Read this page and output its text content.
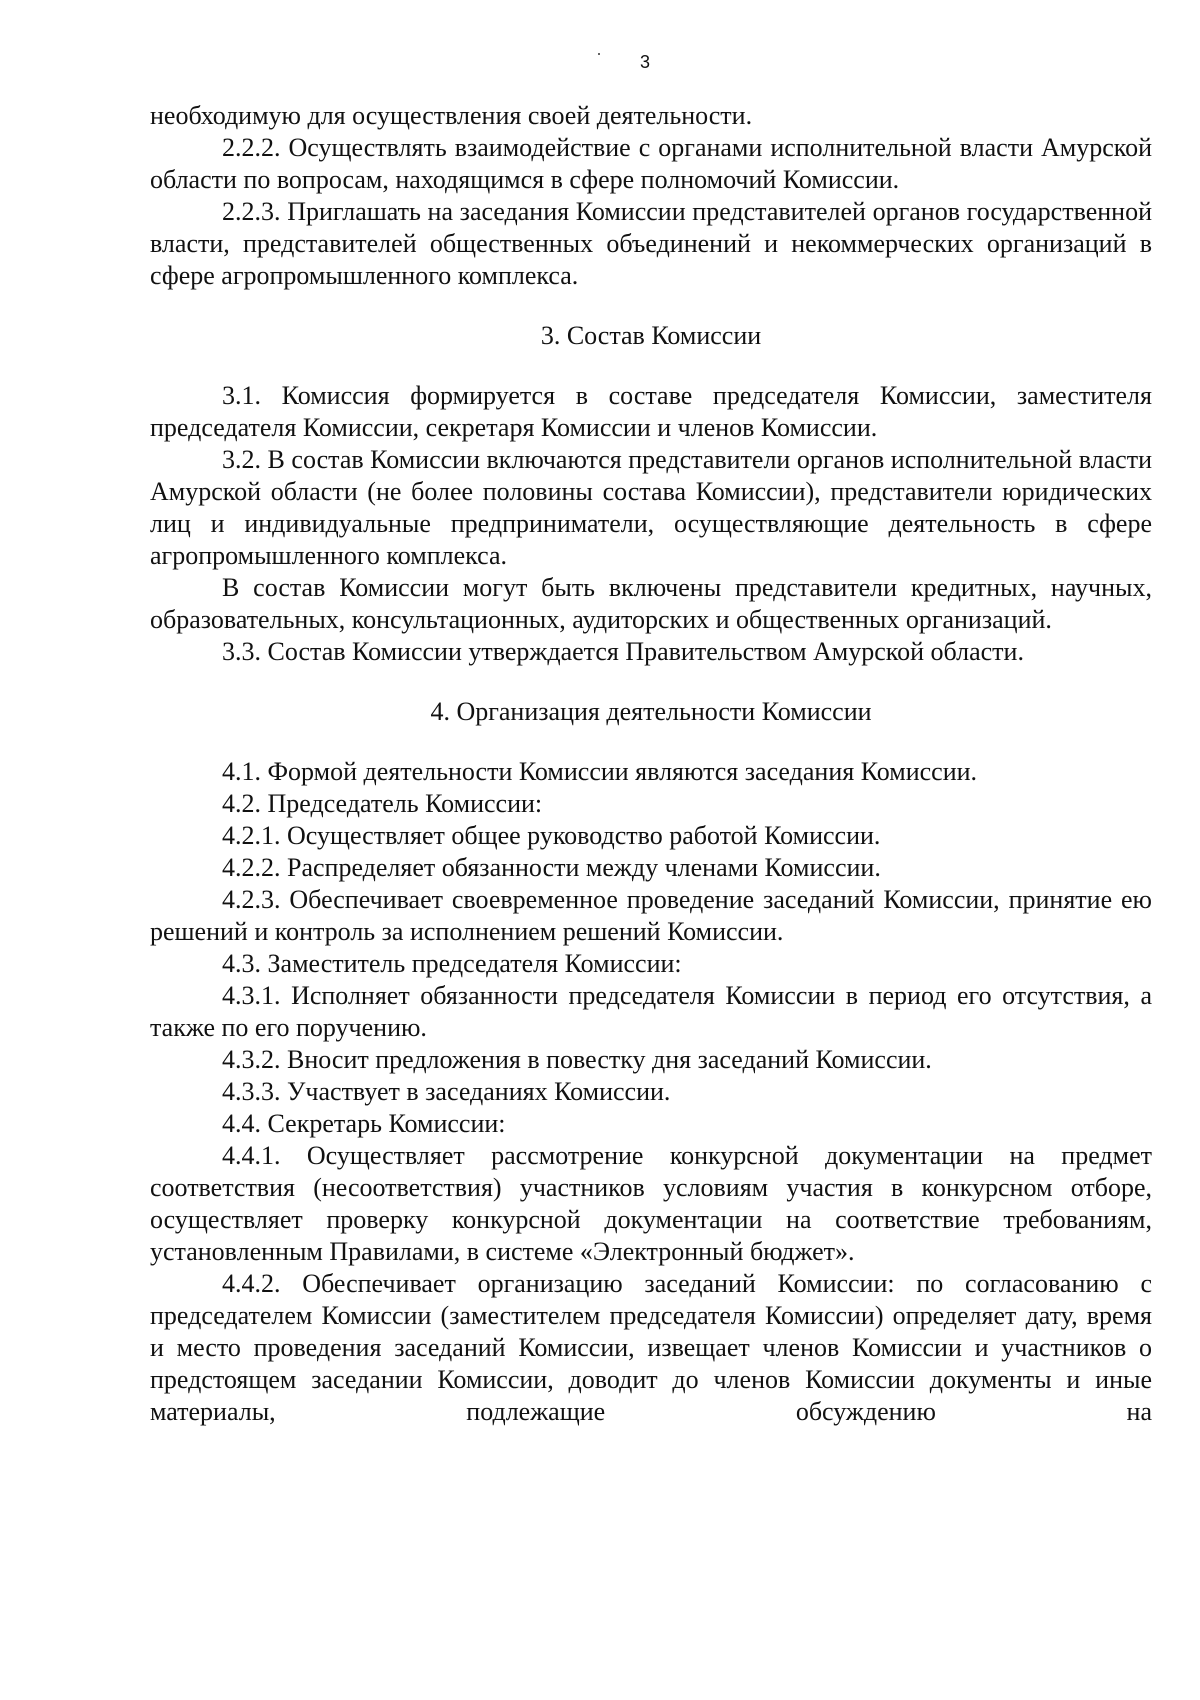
3

необходимую для осуществления своей деятельности.

2.2.2. Осуществлять взаимодействие с органами исполнительной власти Амурской области по вопросам, находящимся в сфере полномочий Комиссии.

2.2.3. Приглашать на заседания Комиссии представителей органов государственной власти, представителей общественных объединений и некоммерческих организаций в сфере агропромышленного комплекса.

3. Состав Комиссии

3.1. Комиссия формируется в составе председателя Комиссии, заместителя председателя Комиссии, секретаря Комиссии и членов Комиссии.

3.2. В состав Комиссии включаются представители органов исполнительной власти Амурской области (не более половины состава Комиссии), представители юридических лиц и индивидуальные предприниматели, осуществляющие деятельность в сфере агропромышленного комплекса.

В состав Комиссии могут быть включены представители кредитных, научных, образовательных, консультационных, аудиторских и общественных организаций.

3.3. Состав Комиссии утверждается Правительством Амурской области.

4. Организация деятельности Комиссии

4.1. Формой деятельности Комиссии являются заседания Комиссии.

4.2. Председатель Комиссии:

4.2.1. Осуществляет общее руководство работой Комиссии.

4.2.2. Распределяет обязанности между членами Комиссии.

4.2.3. Обеспечивает своевременное проведение заседаний Комиссии, принятие ею решений и контроль за исполнением решений Комиссии.

4.3. Заместитель председателя Комиссии:

4.3.1. Исполняет обязанности председателя Комиссии в период его отсутствия, а также по его поручению.

4.3.2. Вносит предложения в повестку дня заседаний Комиссии.

4.3.3. Участвует в заседаниях Комиссии.

4.4. Секретарь Комиссии:

4.4.1. Осуществляет рассмотрение конкурсной документации на предмет соответствия (несоответствия) участников условиям участия в конкурсном отборе, осуществляет проверку конкурсной документации на соответствие требованиям, установленным Правилами, в системе «Электронный бюджет».

4.4.2. Обеспечивает организацию заседаний Комиссии: по согласованию с председателем Комиссии (заместителем председателя Комиссии) определяет дату, время и место проведения заседаний Комиссии, извещает членов Комиссии и участников о предстоящем заседании Комиссии, доводит до членов Комиссии документы и иные материалы, подлежащие обсуждению на
